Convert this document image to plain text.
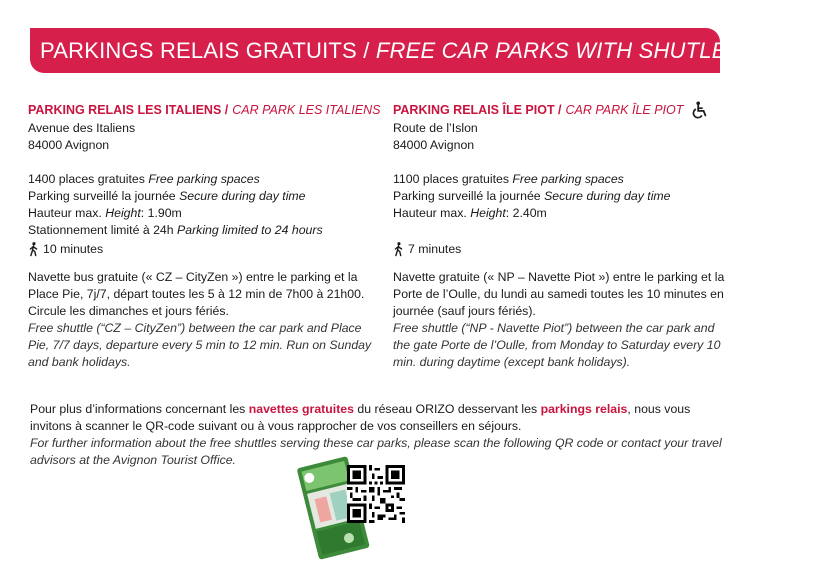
PARKINGS RELAIS GRATUITS / FREE CAR PARKS WITH SHUTLE SERVICE
PARKING RELAIS LES ITALIENS / CAR PARK LES ITALIENS
Avenue des Italiens
84000 Avignon
1400 places gratuites Free parking spaces
Parking surveillé la journée Secure during day time
Hauteur max. Height: 1.90m
Stationnement limité à 24h Parking limited to 24 hours
10 minutes
Navette bus gratuite (« CZ – CityZen ») entre le parking et la Place Pie, 7j/7, départ toutes les 5 à 12 min de 7h00 à 21h00. Circule les dimanches et jours fériés.
Free shuttle (“CZ – CityZen”) between the car park and Place Pie, 7/7 days, departure every 5 min to 12 min. Run on Sunday and bank holidays.
PARKING RELAIS ÎLE PIOT / CAR PARK ÎLE PIOT
Route de l’Islon
84000 Avignon
1100 places gratuites Free parking spaces
Parking surveillé la journée Secure during day time
Hauteur max. Height: 2.40m
7 minutes
Navette gratuite (« NP – Navette Piot ») entre le parking et la Porte de l’Oulle, du lundi au samedi toutes les 10 minutes en journée (sauf jours fériés).
Free shuttle (“NP - Navette Piot”) between the car park and the gate Porte de l’Oulle, from Monday to Saturday every 10 min. during daytime (except bank holidays).
Pour plus d’informations concernant les navettes gratuites du réseau ORIZO desservant les parkings relais, nous vous invitons à scanner le QR-code suivant ou à vous rapprocher de vos conseillers en séjours.
For further information about the free shuttles serving these car parks, please scan the following QR code or contact your travel advisors at the Avignon Tourist Office.
